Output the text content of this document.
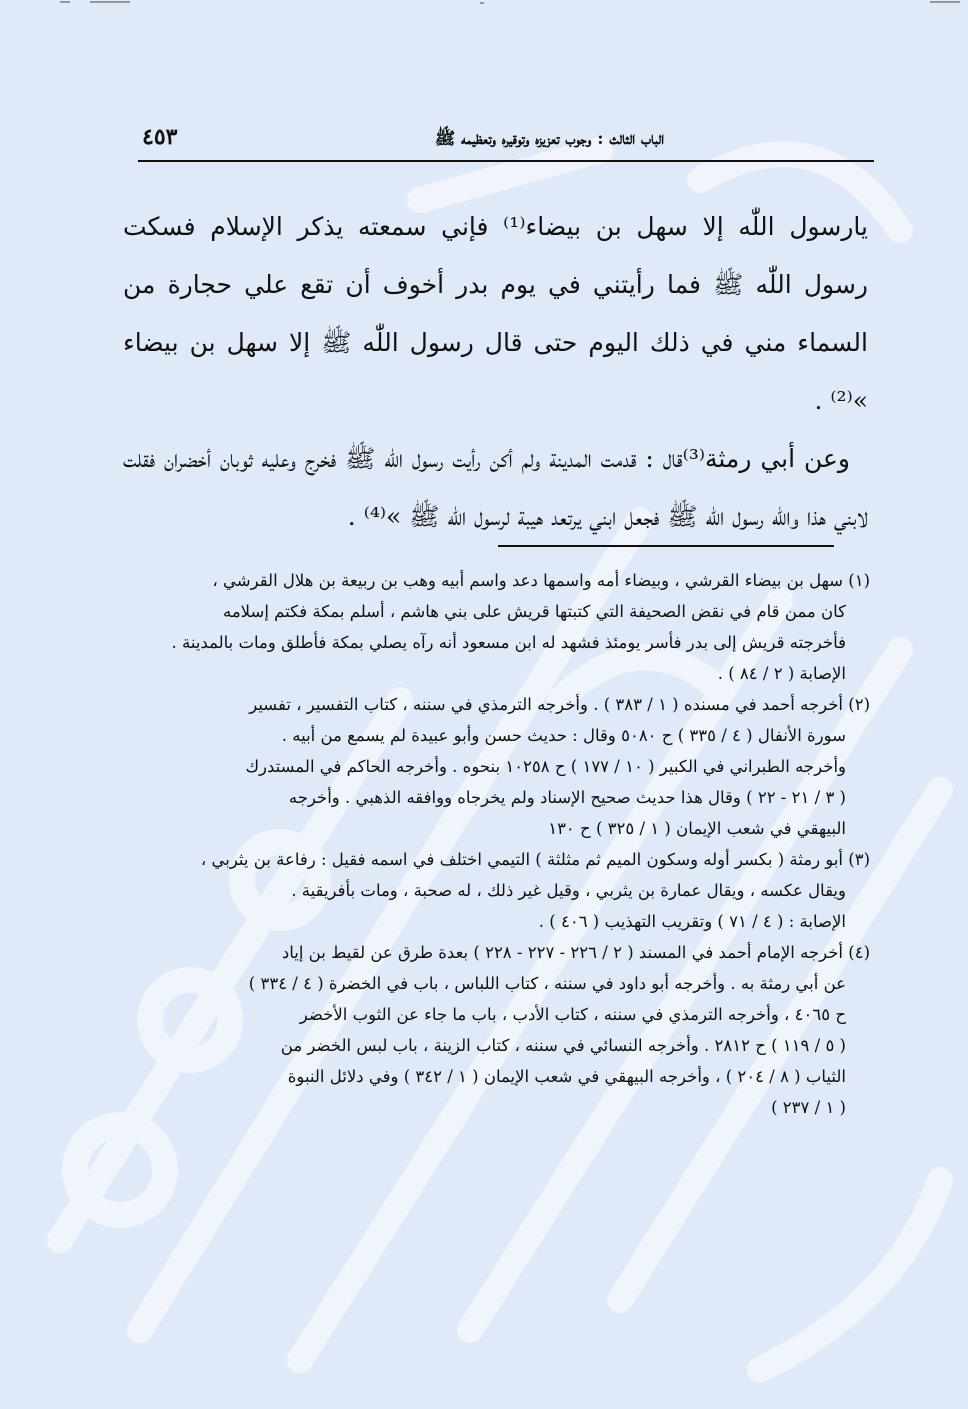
الباب الثالث : وجوب تعزيزه وتوقيره وتعظيمه ﷺ
٤٥٣

يارسول اللّٰه إلا سهل بن بيضاء⁽¹⁾ فإني سمعته يذكر الإسلام فسكت رسول اللّٰه ﷺ فما رأيتني في يوم بدر أخوف أن تقع علي حجارة من السماء مني في ذلك اليوم حتى قال رسول اللّٰه ﷺ إلا سهل بن بيضاء »⁽²⁾ .

وعن أبي رمثة⁽³⁾قال : قدمت المدينة ولم أكن رأيت رسول اللّٰه ﷺ فخرج وعليه ثوبان أخضران فقلت لابني هذا واللّٰه رسول اللّٰه ﷺ فجعل ابني يرتعد هيبة لرسول اللّٰه ﷺ »⁽⁴⁾ .

(١) سهل بن بيضاء القرشي ، وبيضاء أمه واسمها دعد واسم أبيه وهب بن ربيعة بن هلال القرشي ،
كان ممن قام في نقض الصحيفة التي كتبتها قريش على بني هاشم ، أسلم بمكة فكتم إسلامه
فأخرجته قريش إلى بدر فأسر يومئذ فشهد له ابن مسعود أنه رآه يصلي بمكة فأطلق ومات بالمدينة .
الإصابة ( ٢ / ٨٤ ) .
(٢) أخرجه أحمد في مسنده ( ١ / ٣٨٣ ) . وأخرجه الترمذي في سننه ، كتاب التفسير ، تفسير
سورة الأنفال ( ٤ / ٣٣٥ ) ح ٥٠٨٠ وقال : حديث حسن وأبو عبيدة لم يسمع من أبيه .
وأخرجه الطبراني في الكبير ( ١٠ / ١٧٧ ) ح ١٠٢٥٨ بنحوه . وأخرجه الحاكم في المستدرك
( ٣ / ٢١ - ٢٢ ) وقال هذا حديث صحيح الإسناد ولم يخرجاه ووافقه الذهبي . وأخرجه
البيهقي في شعب الإيمان ( ١ / ٣٢٥ ) ح ١٣٠
(٣) أبو رمثة ( بكسر أوله وسكون الميم ثم مثلثة ) التيمي اختلف في اسمه فقيل : رفاعة بن يثربي ،
ويقال عكسه ، ويقال عمارة بن يثربي ، وقيل غير ذلك ، له صحبة ، ومات بأفريقية .
الإصابة : ( ٤ / ٧١ ) وتقريب التهذيب ( ٤٠٦ ) .
(٤) أخرجه الإمام أحمد في المسند ( ٢ / ٢٢٦ - ٢٢٧ - ٢٢٨ ) بعدة طرق عن لقيط بن إياد
عن أبي رمثة به . وأخرجه أبو داود في سننه ، كتاب اللباس ، باب في الخضرة ( ٤ / ٣٣٤ )
ح ٤٠٦٥ ، وأخرجه الترمذي في سننه ، كتاب الأدب ، باب ما جاء عن الثوب الأخضر
( ٥ / ١١٩ ) ح ٢٨١٢ . وأخرجه النسائي في سننه ، كتاب الزينة ، باب لبس الخضر من
الثياب ( ٨ / ٢٠٤ ) ، وأخرجه البيهقي في شعب الإيمان ( ١ / ٣٤٢ ) وفي دلائل النبوة
( ١ / ٢٣٧ )
